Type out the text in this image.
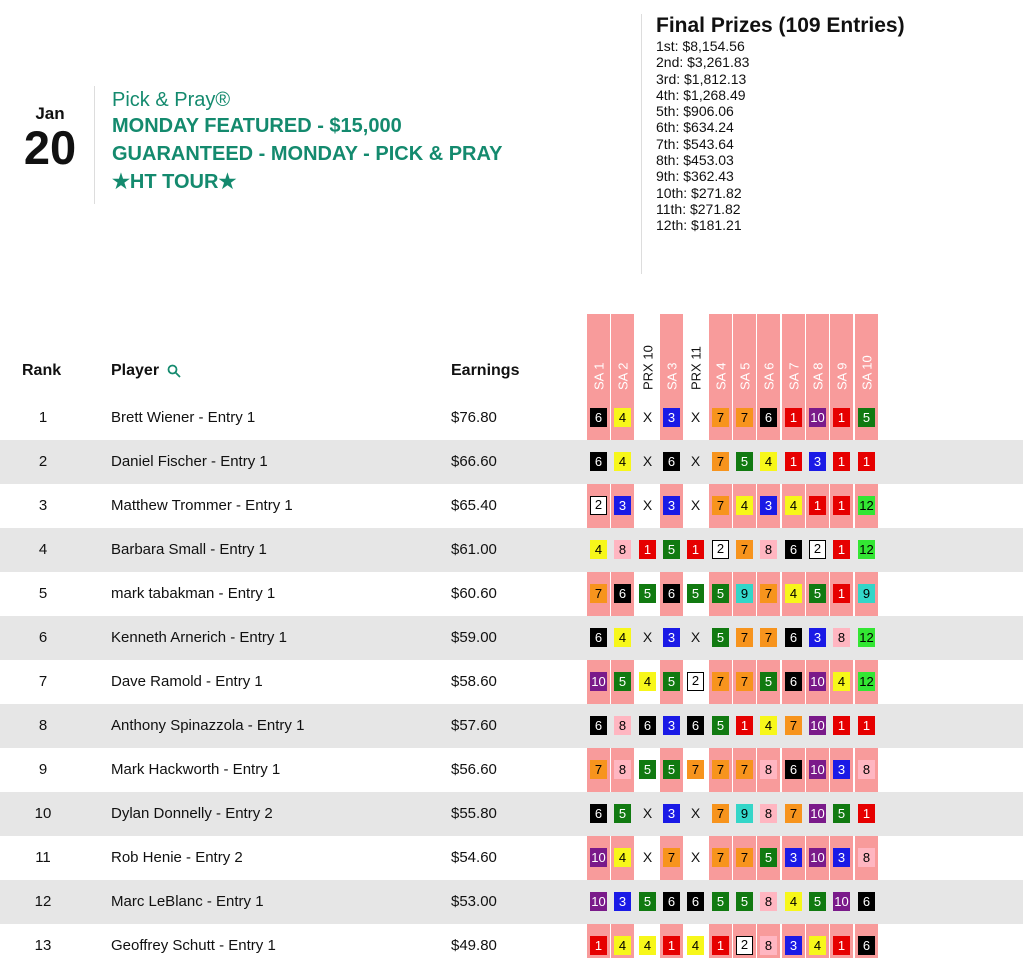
Jan
20
Pick & Pray®
MONDAY FEATURED - $15,000
GUARANTEED - MONDAY - PICK & PRAY
★HT TOUR★
Final Prizes (109 Entries)
1st: $8,154.56
2nd: $3,261.83
3rd: $1,812.13
4th: $1,268.49
5th: $906.06
6th: $634.24
7th: $543.64
8th: $453.03
9th: $362.43
10th: $271.82
11th: $271.82
12th: $181.21
SA 1 SA 2 PRX 10 SA 3 PRX 11 SA 4 SA 5 SA 6 SA 7 SA 8 SA 9 SA 10
Rank	Player	Earnings
1	Brett Wiener - Entry 1	$76.80	6	4	X	3	X	7	7	6	1	10	1	5
2	Daniel Fischer - Entry 1	$66.60	6	4	X	6	X	7	5	4	1	3	1	1
3	Matthew Trommer - Entry 1	$65.40	2	3	X	3	X	7	4	3	4	1	1	12
4	Barbara Small - Entry 1	$61.00	4	8	1	5	1	2	7	8	6	2	1	12
5	mark tabakman - Entry 1	$60.60	7	6	5	6	5	5	9	7	4	5	1	9
6	Kenneth Arnerich - Entry 1	$59.00	6	4	X	3	X	5	7	7	6	3	8	12
7	Dave Ramold - Entry 1	$58.60	10	5	4	5	2	7	7	5	6	10	4	12
8	Anthony Spinazzola - Entry 1	$57.60	6	8	6	3	6	5	1	4	7	10	1	1
9	Mark Hackworth - Entry 1	$56.60	7	8	5	5	7	7	7	8	6	10	3	8
10	Dylan Donnelly - Entry 2	$55.80	6	5	X	3	X	7	9	8	7	10	5	1
11	Rob Henie - Entry 2	$54.60	10	4	X	7	X	7	7	5	3	10	3	8
12	Marc LeBlanc - Entry 1	$53.00	10	3	5	6	6	5	5	8	4	5	10	6
13	Geoffrey Schutt - Entry 1	$49.80	1	4	4	1	4	1	2	8	3	4	1	6
